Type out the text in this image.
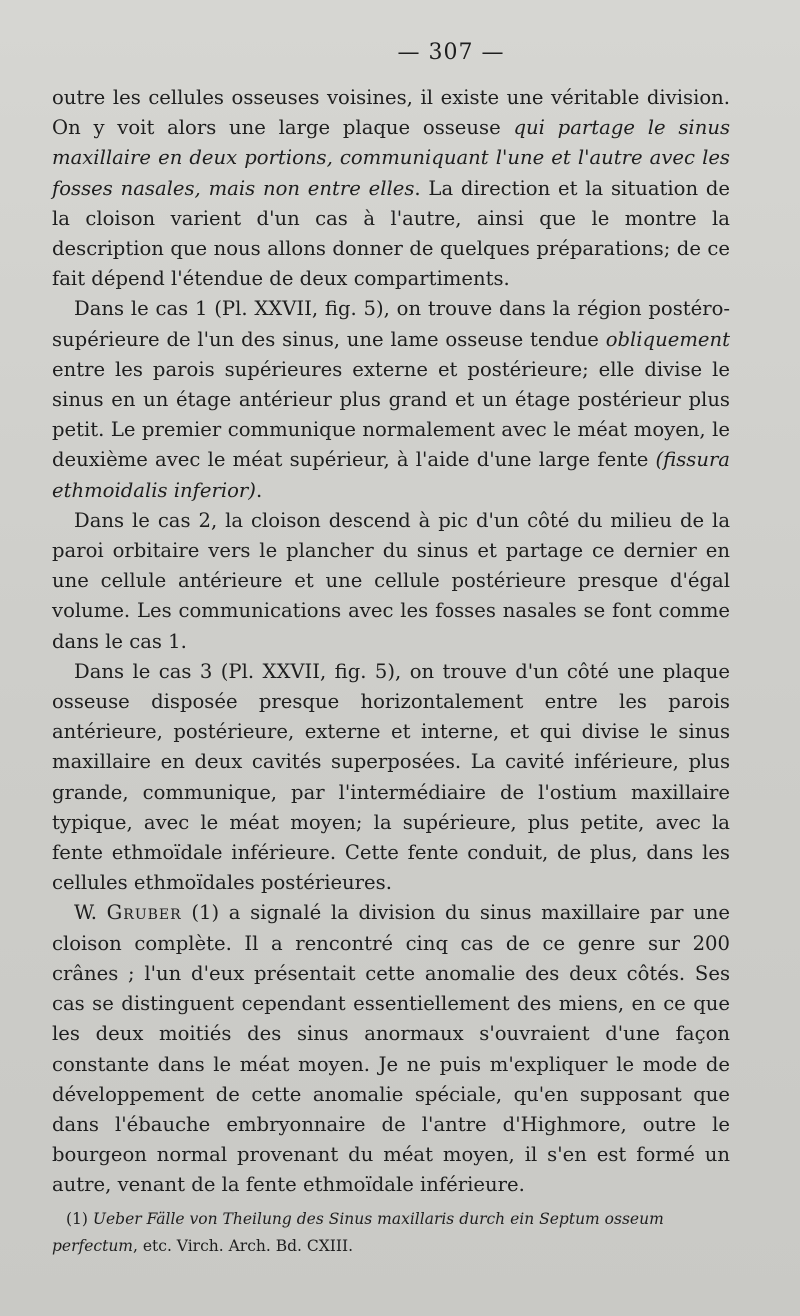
— 307 —

outre les cellules osseuses voisines, il existe une véritable division. On y voit alors une large plaque osseuse qui partage le sinus maxillaire en deux portions, communiquant l'une et l'autre avec les fosses nasales, mais non entre elles. La direction et la situation de la cloison varient d'un cas à l'autre, ainsi que le montre la description que nous allons donner de quelques préparations; de ce fait dépend l'étendue de deux compartiments.

Dans le cas 1 (Pl. XXVII, fig. 5), on trouve dans la région postéro-supérieure de l'un des sinus, une lame osseuse tendue obliquement entre les parois supérieures externe et postérieure; elle divise le sinus en un étage antérieur plus grand et un étage postérieur plus petit. Le premier communique normalement avec le méat moyen, le deuxième avec le méat supérieur, à l'aide d'une large fente (fissura ethmoidalis inferior).

Dans le cas 2, la cloison descend à pic d'un côté du milieu de la paroi orbitaire vers le plancher du sinus et partage ce dernier en une cellule antérieure et une cellule postérieure presque d'égal volume. Les communications avec les fosses nasales se font comme dans le cas 1.

Dans le cas 3 (Pl. XXVII, fig. 5), on trouve d'un côté une plaque osseuse disposée presque horizontalement entre les parois antérieure, postérieure, externe et interne, et qui divise le sinus maxillaire en deux cavités superposées. La cavité inférieure, plus grande, communique, par l'intermédiaire de l'ostium maxillaire typique, avec le méat moyen; la supérieure, plus petite, avec la fente ethmoïdale inférieure. Cette fente conduit, de plus, dans les cellules ethmoïdales postérieures.

W. Gruber (1) a signalé la division du sinus maxillaire par une cloison complète. Il a rencontré cinq cas de ce genre sur 200 crânes ; l'un d'eux présentait cette anomalie des deux côtés. Ses cas se distinguent cependant essentiellement des miens, en ce que les deux moitiés des sinus anormaux s'ouvraient d'une façon constante dans le méat moyen. Je ne puis m'expliquer le mode de développement de cette anomalie spéciale, qu'en supposant que dans l'ébauche embryonnaire de l'antre d'Highmore, outre le bourgeon normal provenant du méat moyen, il s'en est formé un autre, venant de la fente ethmoïdale inférieure.

(1) Ueber Fälle von Theilung des Sinus maxillaris durch ein Septum osseum perfectum, etc. Virch. Arch. Bd. CXIII.
